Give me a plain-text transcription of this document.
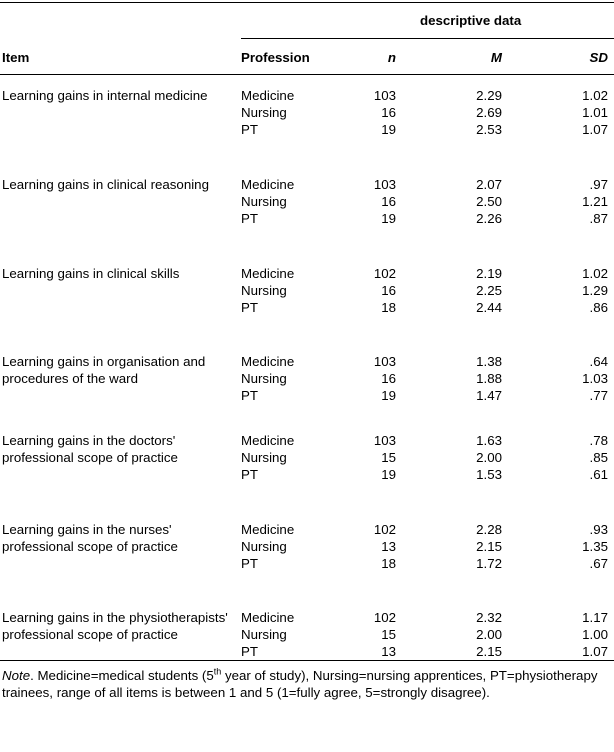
descriptive data
Item	Profession	n	M	SD
Learning gains in internal medicine	Medicine	103	2.29	1.02
Nursing	16	2.69	1.01
PT	19	2.53	1.07
Learning gains in clinical reasoning	Medicine	103	2.07	.97
Nursing	16	2.50	1.21
PT	19	2.26	.87
Learning gains in clinical skills	Medicine	102	2.19	1.02
Nursing	16	2.25	1.29
PT	18	2.44	.86
Learning gains in organisation and procedures of the ward
Medicine	103	1.38	.64
Nursing	16	1.88	1.03
PT	19	1.47	.77
Learning gains in the doctors' professional scope of practice
Medicine	103	1.63	.78
Nursing	15	2.00	.85
PT	19	1.53	.61
Learning gains in the nurses' professional scope of practice
Medicine	102	2.28	.93
Nursing	13	2.15	1.35
PT	18	1.72	.67
Learning gains in the physiotherapists' professional scope of practice
Medicine	102	2.32	1.17
Nursing	15	2.00	1.00
PT	13	2.15	1.07
Note. Medicine=medical students (5th year of study), Nursing=nursing apprentices, PT=physiotherapy trainees, range of all items is between 1 and 5 (1=fully agree, 5=strongly disagree).
